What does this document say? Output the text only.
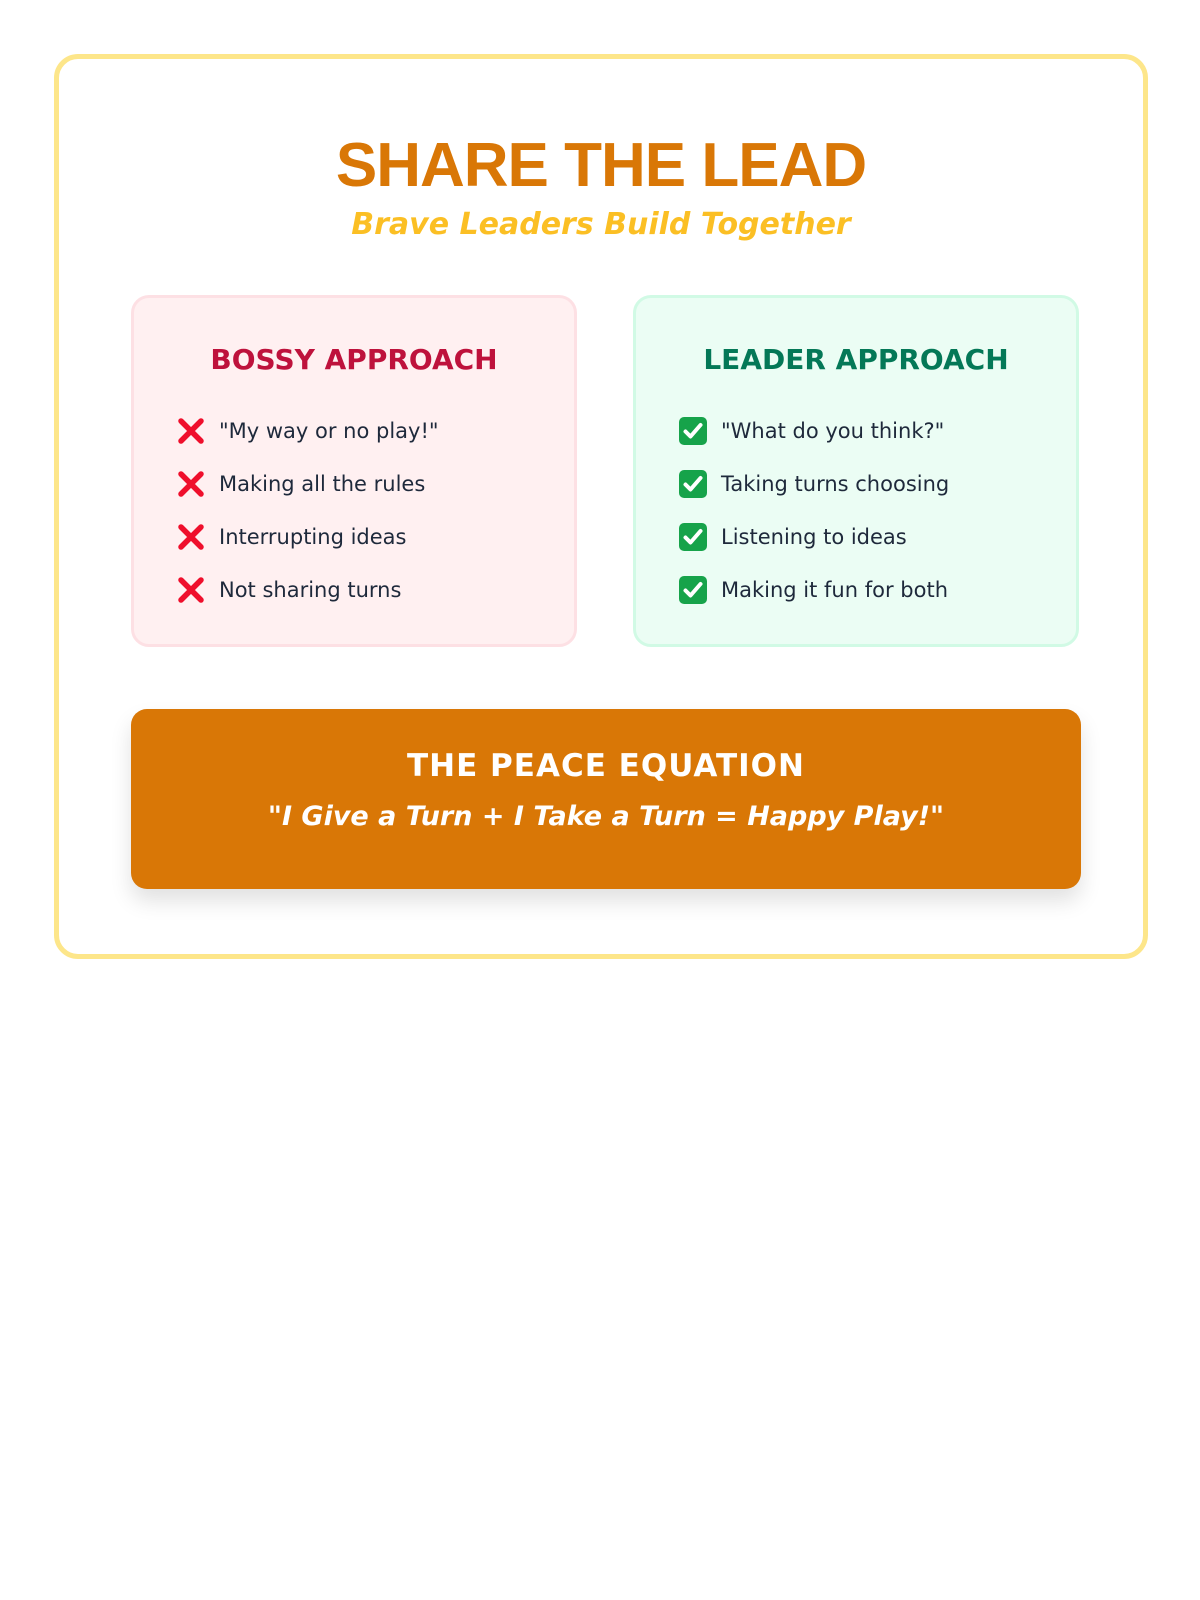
SHARE THE LEAD

Brave Leaders Build Together

BOSSY APPROACH
"My way or no play!"
Making all the rules
Interrupting ideas
Not sharing turns
LEADER APPROACH
"What do you think?"
Taking turns choosing
Listening to ideas
Making it fun for both
THE PEACE EQUATION

"I Give a Turn + I Take a Turn = Happy Play!"
